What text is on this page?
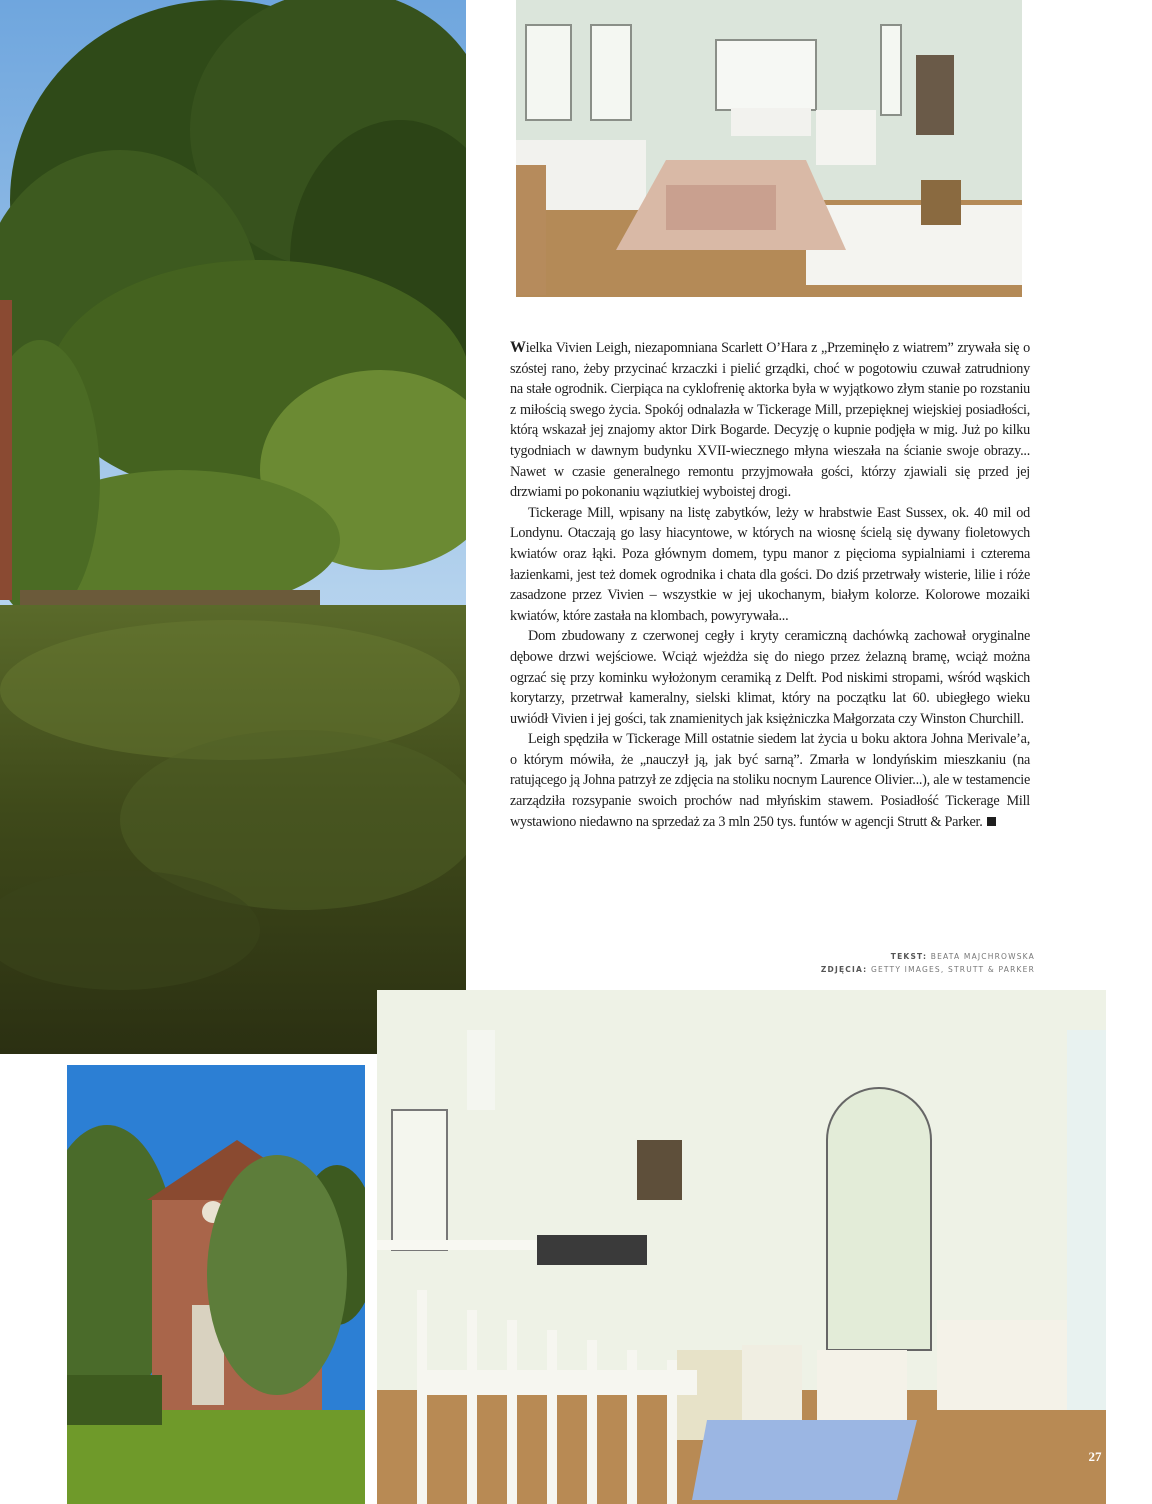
Wielka Vivien Leigh, niezapomniana Scarlett O’Hara z „Przeminęło z wiatrem” zrywała się o szóstej rano, żeby przycinać krzaczki i pielić grządki, choć w pogotowiu czuwał zatrudniony na stałe ogrodnik. Cierpiąca na cyklofrenię aktorka była w wyjątkowo złym stanie po rozstaniu z miłością swego życia. Spokój odnalazła w Tickerage Mill, przepięknej wiejskiej posiadłości, którą wskazał jej znajomy aktor Dirk Bogarde. Decyzję o kupnie podjęła w mig. Już po kilku tygodniach w dawnym budynku XVII-wiecznego młyna wieszała na ścianie swoje obrazy... Nawet w czasie generalnego remontu przyjmowała gości, którzy zjawiali się przed jej drzwiami po pokonaniu wąziutkiej wyboistej drogi.

Tickerage Mill, wpisany na listę zabytków, leży w hrabstwie East Sussex, ok. 40 mil od Londynu. Otaczają go lasy hiacyntowe, w których na wiosnę ścielą się dywany fioletowych kwiatów oraz łąki. Poza głównym domem, typu manor z pięcioma sypialniami i czterema łazienkami, jest też domek ogrodnika i chata dla gości. Do dziś przetrwały wisterie, lilie i róże zasadzone przez Vivien – wszystkie w jej ukochanym, białym kolorze. Kolorowe mozaiki kwiatów, które zastała na klombach, powyrywała...

Dom zbudowany z czerwonej cegły i kryty ceramiczną dachówką zachował oryginalne dębowe drzwi wejściowe. Wciąż wjeżdża się do niego przez żelazną bramę, wciąż można ogrzać się przy kominku wyłożonym ceramiką z Delft. Pod niskimi stropami, wśród wąskich korytarzy, przetrwał kameralny, sielski klimat, który na początku lat 60. ubiegłego wieku uwiódł Vivien i jej gości, tak znamienitych jak księżniczka Małgorzata czy Winston Churchill.

Leigh spędziła w Tickerage Mill ostatnie siedem lat życia u boku aktora Johna Merivale’a, o którym mówiła, że „nauczył ją, jak być sarną”. Zmarła w londyńskim mieszkaniu (na ratującego ją Johna patrzył ze zdjęcia na stoliku nocnym Laurence Olivier...), ale w testamencie zarządziła rozsypanie swoich prochów nad młyńskim stawem. Posiadłość Tickerage Mill wystawiono niedawno na sprzedaż za 3 mln 250 tys. funtów w agencji Strutt & Parker.

TEKST: BEATA MAJCHROWSKA
ZDJĘCIA: GETTY IMAGES, STRUTT & PARKER
27
